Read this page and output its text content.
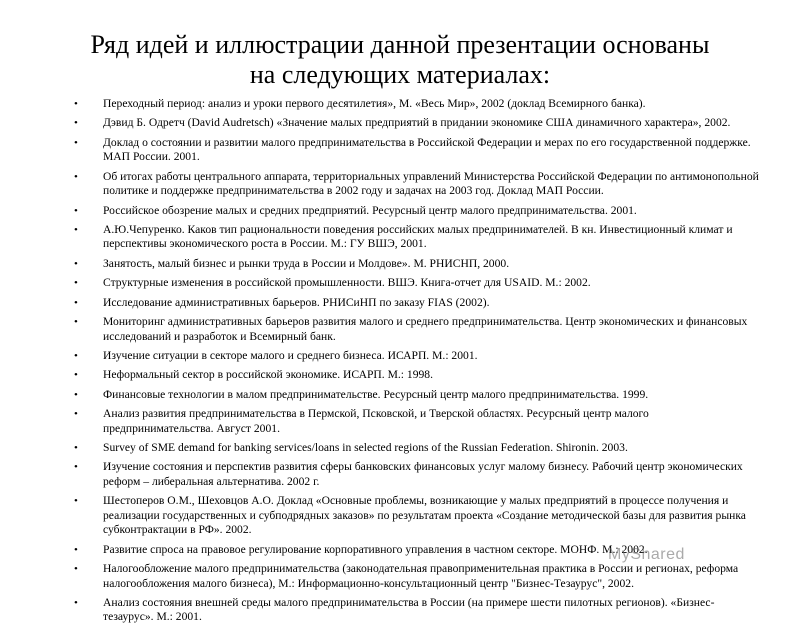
Ряд идей и иллюстрации данной презентации основаны
на следующих материалах:
• Переходный период: анализ и уроки первого десятилетия», М. «Весь Мир», 2002 (доклад Всемирного банка).
• Дэвид Б. Одретч (David Audretsch) «Значение малых предприятий в придании экономике США динамичного характера», 2002.
• Доклад о состоянии и развитии малого предпринимательства в Российской Федерации и мерах по его государственной поддержке. МАП России. 2001.
• Об итогах работы центрального аппарата, территориальных управлений Министерства Российской Федерации по антимонопольной политике и поддержке предпринимательства в 2002 году и задачах на 2003 год. Доклад МАП России.
• Российское обозрение малых и средних предприятий. Ресурсный центр малого предпринимательства. 2001.
• А.Ю.Чепуренко. Каков тип рациональности поведения российских малых предпринимателей. В кн. Инвестиционный климат и перспективы экономического роста в России. М.: ГУ ВШЭ, 2001.
• Занятость, малый бизнес и рынки труда в России и Молдове». М. РНИСНП, 2000.
• Структурные изменения в российской промышленности. ВШЭ. Книга-отчет для USAID. М.: 2002.
• Исследование административных барьеров. РНИСиНП по заказу FIAS (2002).
• Мониторинг административных барьеров развития малого и среднего предпринимательства. Центр экономических и финансовых исследований и разработок и Всемирный банк.
• Изучение ситуации в секторе малого и среднего бизнеса. ИСАРП. М.: 2001.
• Неформальный сектор в российской экономике. ИСАРП. М.: 1998.
• Финансовые технологии в малом предпринимательстве. Ресурсный центр малого предпринимательства. 1999.
• Анализ развития предпринимательства в Пермской, Псковской, и Тверской областях. Ресурсный центр малого предпринимательства. Август 2001.
• Survey of SME demand for banking services/loans in selected regions of the Russian Federation. Shironin. 2003.
• Изучение состояния и перспектив развития сферы банковских финансовых услуг малому бизнесу. Рабочий центр экономических реформ – либеральная альтернатива. 2002 г.
• Шестоперов О.М., Шеховцов А.О. Доклад «Основные проблемы, возникающие у малых предприятий в процессе получения и реализации государственных и субподрядных заказов» по результатам проекта «Создание методической базы для развития рынка субконтрактации в РФ». 2002.
• Развитие спроса на правовое регулирование корпоративного управления в частном секторе. МОНФ. М.: 2002.
• Налогообложение малого предпринимательства (законодательная правоприменительная практика в России и регионах, реформа налогообложения малого бизнеса), М.: Информационно-консультационный центр "Бизнес-Тезаурус", 2002.
• Анализ состояния внешней среды малого предпринимательства в России (на примере шести пилотных регионов). «Бизнес-тезаурус». М.: 2001.
MyShared
